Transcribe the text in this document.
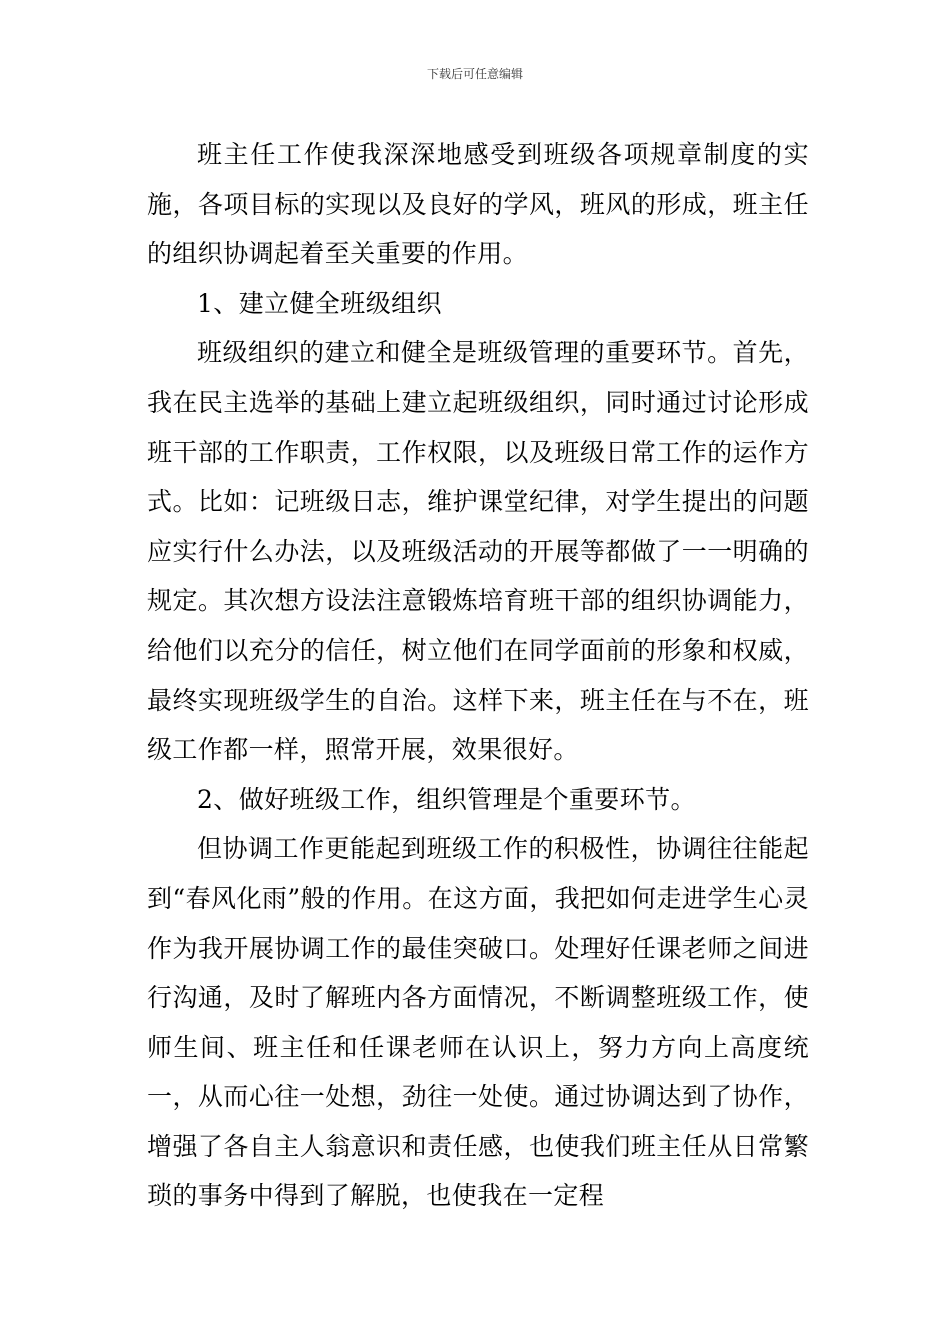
下载后可任意编辑

班主任工作使我深深地感受到班级各项规章制度的实施，各项目标的实现以及良好的学风，班风的形成，班主任的组织协调起着至关重要的作用。

1、建立健全班级组织

班级组织的建立和健全是班级管理的重要环节。首先，我在民主选举的基础上建立起班级组织，同时通过讨论形成班干部的工作职责，工作权限，以及班级日常工作的运作方式。比如：记班级日志，维护课堂纪律，对学生提出的问题应实行什么办法，以及班级活动的开展等都做了一一明确的规定。其次想方设法注意锻炼培育班干部的组织协调能力，给他们以充分的信任，树立他们在同学面前的形象和权威，最终实现班级学生的自治。这样下来，班主任在与不在，班级工作都一样，照常开展，效果很好。

2、做好班级工作，组织管理是个重要环节。

但协调工作更能起到班级工作的积极性，协调往往能起到“春风化雨”般的作用。在这方面，我把如何走进学生心灵作为我开展协调工作的最佳突破口。处理好任课老师之间进行沟通，及时了解班内各方面情况，不断调整班级工作，使师生间、班主任和任课老师在认识上，努力方向上高度统一，从而心往一处想，劲往一处使。通过协调达到了协作，增强了各自主人翁意识和责任感，也使我们班主任从日常繁琐的事务中得到了解脱，也使我在一定程
